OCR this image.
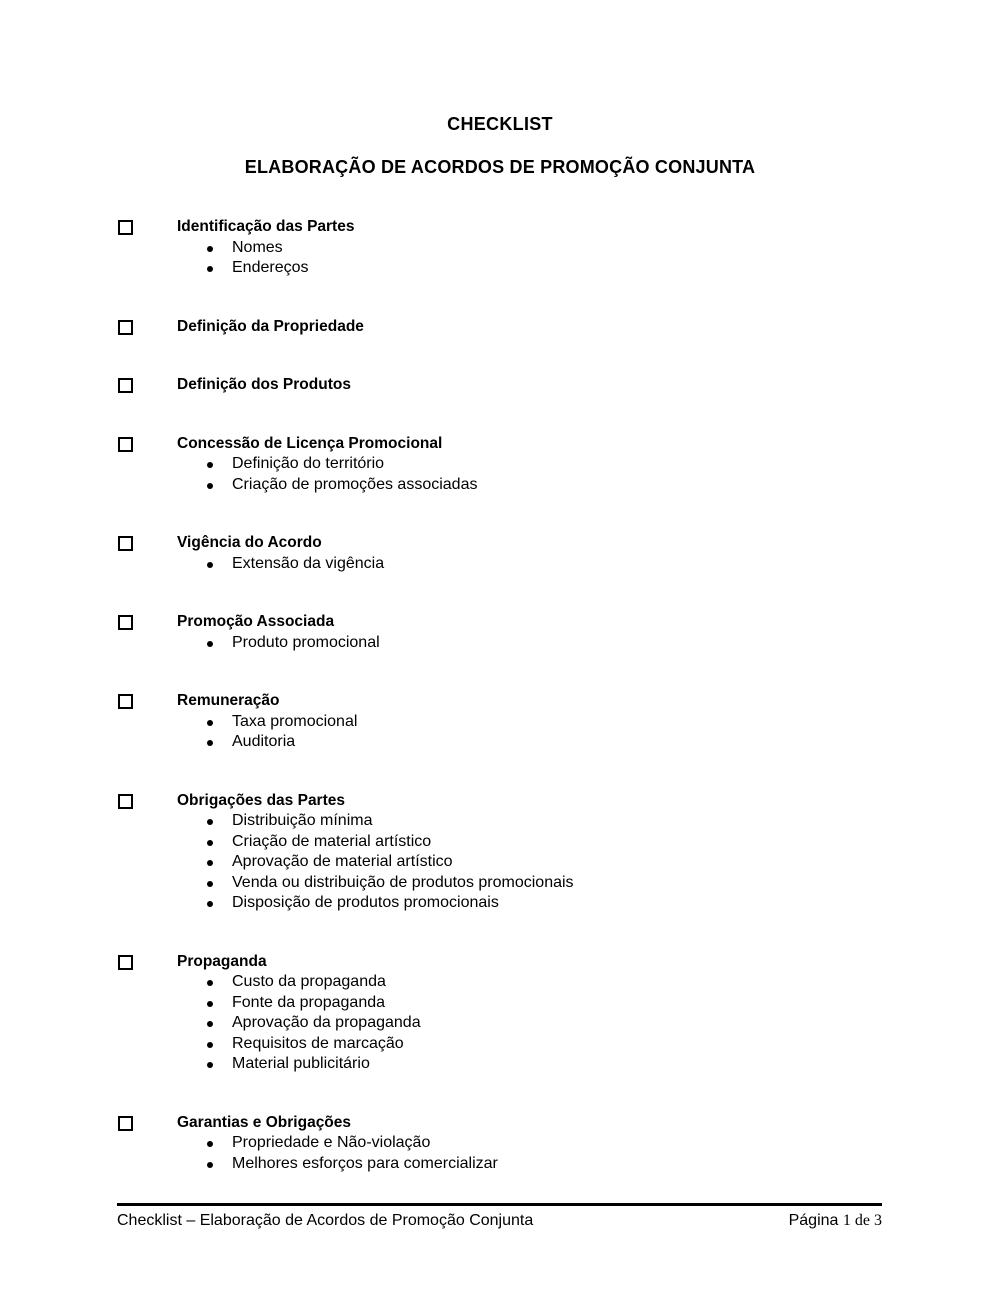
CHECKLIST
ELABORAÇÃO DE ACORDOS DE PROMOÇÃO CONJUNTA
Identificação das Partes
Nomes
Endereços
Definição da Propriedade
Definição dos Produtos
Concessão de Licença Promocional
Definição do território
Criação de promoções associadas
Vigência do Acordo
Extensão da vigência
Promoção Associada
Produto promocional
Remuneração
Taxa promocional
Auditoria
Obrigações das Partes
Distribuição mínima
Criação de material artístico
Aprovação de material artístico
Venda ou distribuição de produtos promocionais
Disposição de produtos promocionais
Propaganda
Custo da propaganda
Fonte da propaganda
Aprovação da propaganda
Requisitos de marcação
Material publicitário
Garantias e Obrigações
Propriedade e Não-violação
Melhores esforços para comercializar
Checklist – Elaboração de Acordos de Promoção Conjunta	Página 1 de 3
